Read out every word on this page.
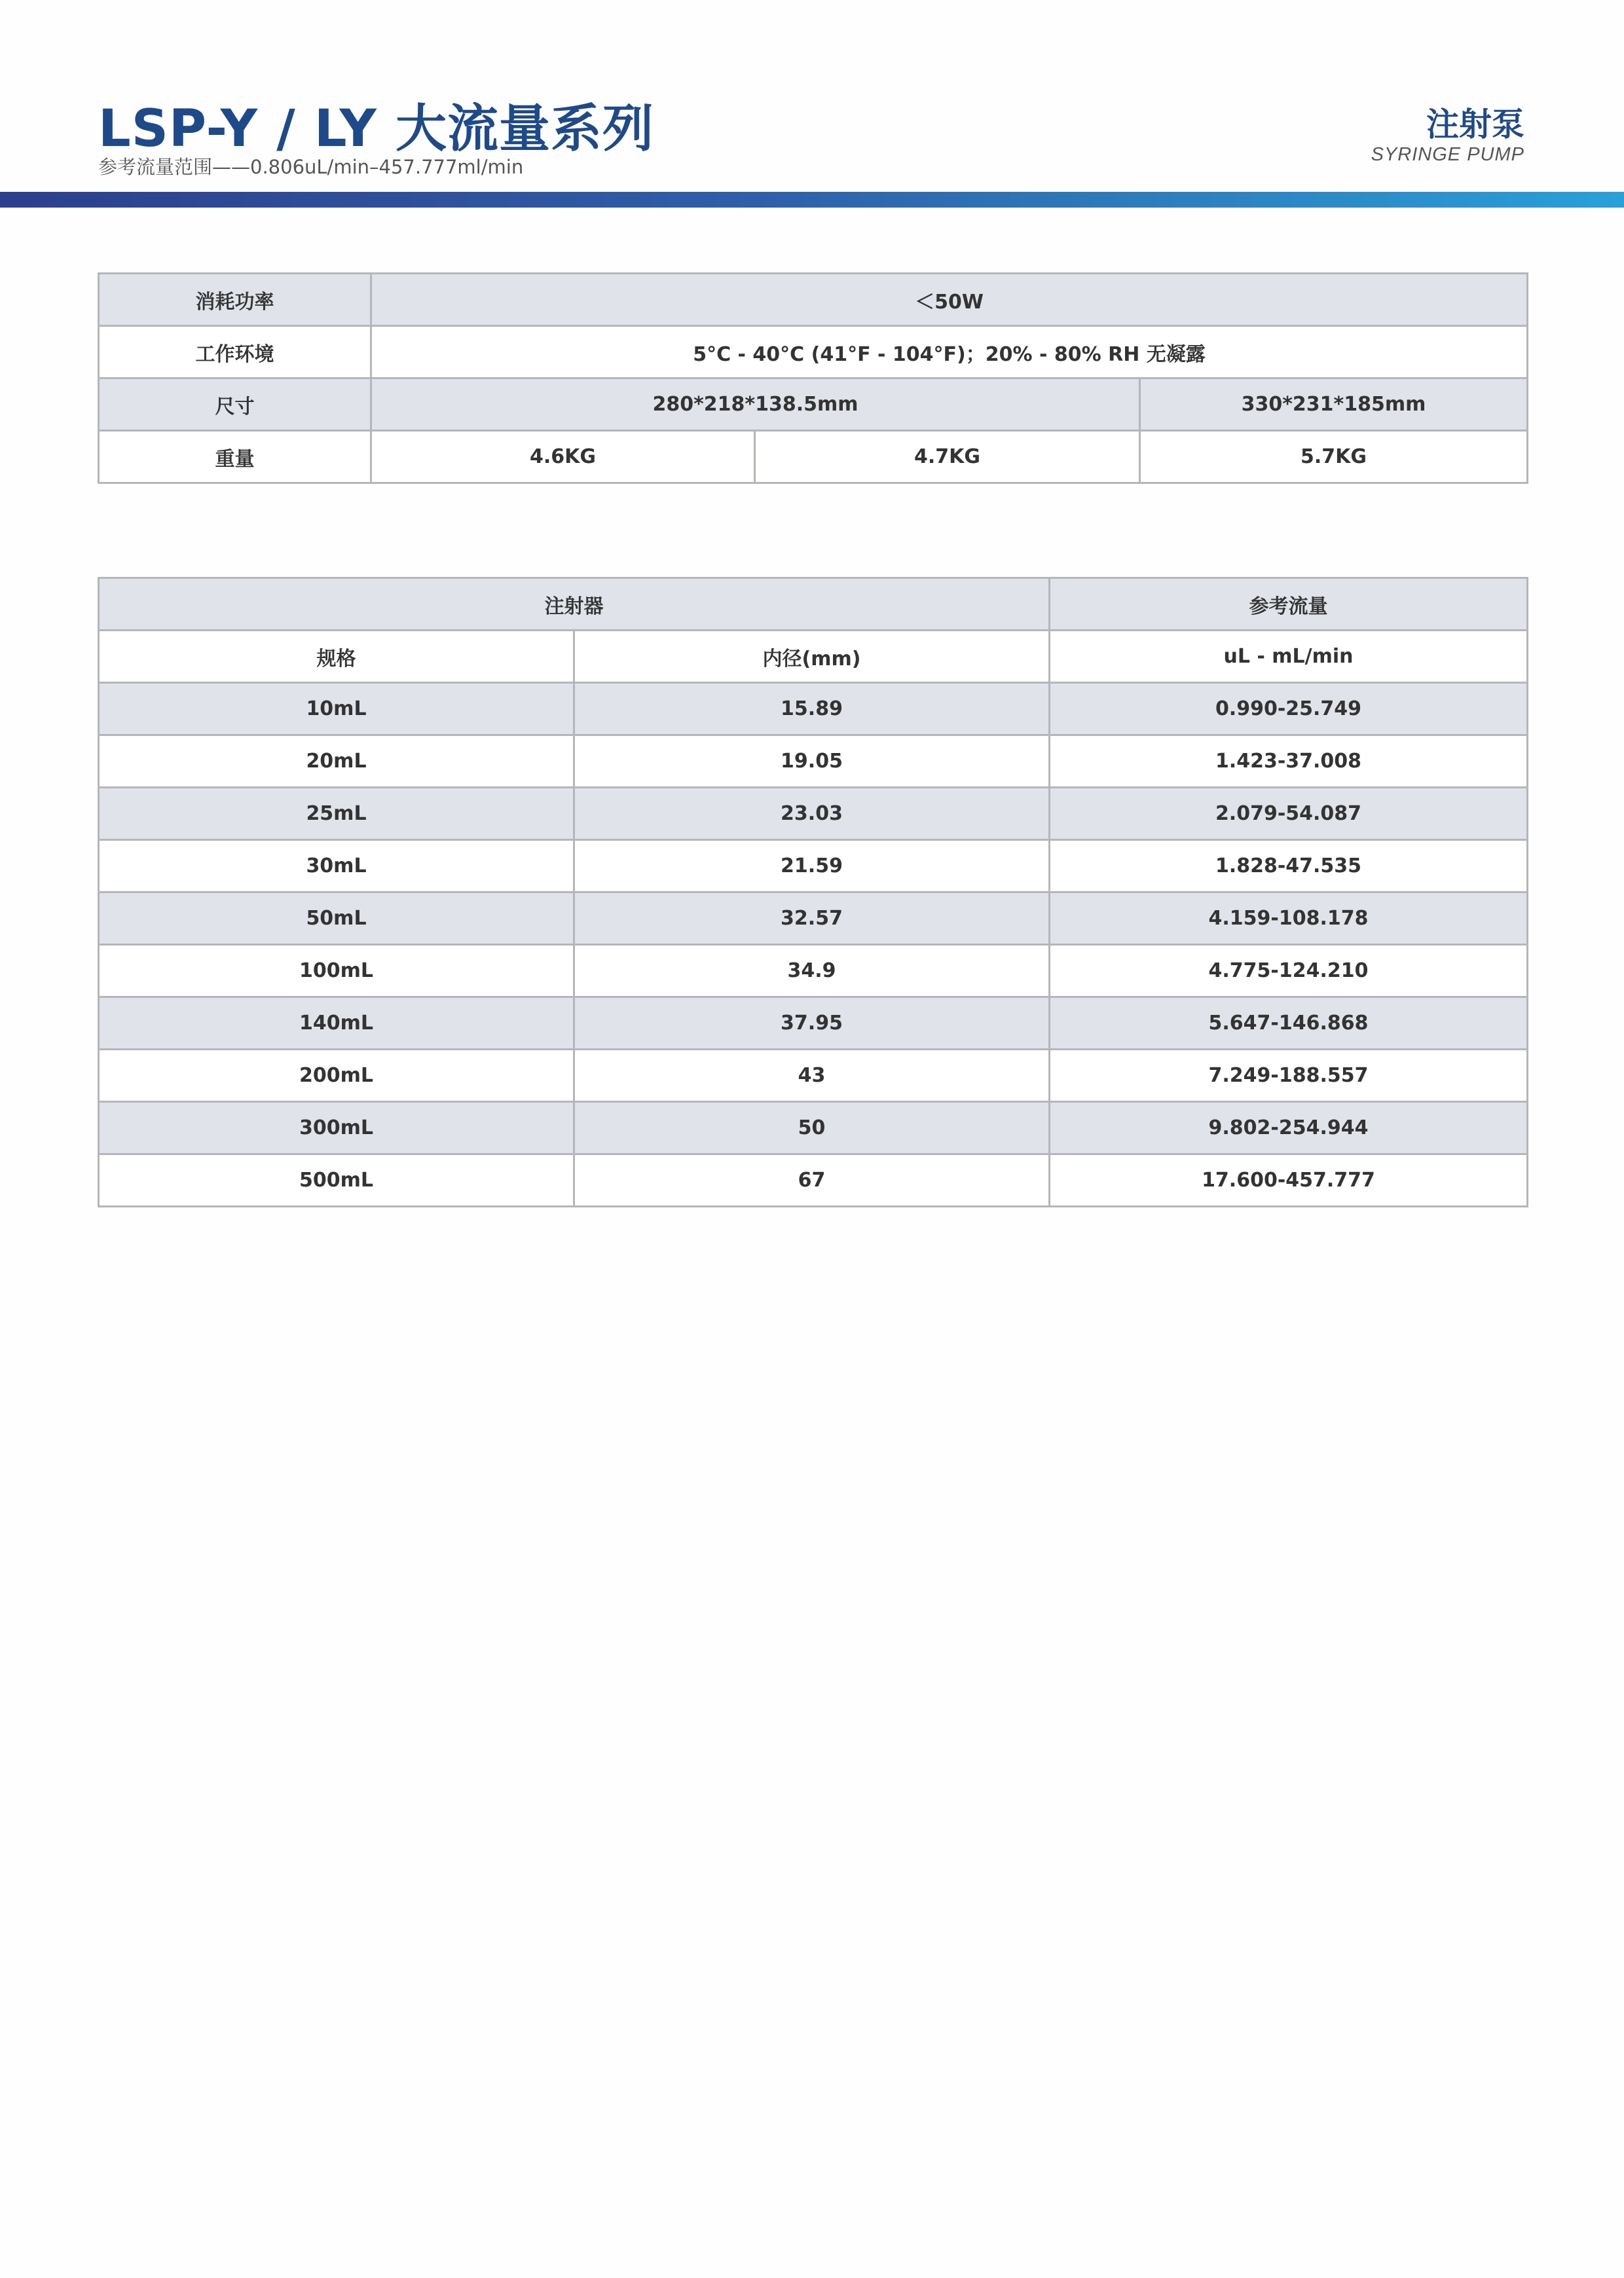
LSP-Y / LY 大流量系列
参考流量范围——0.806uL/min–457.777ml/min
注射泵
SYRINGE PUMP
消耗功率	＜50W		
工作环境	5°C - 40°C (41°F - 104°F)；20% - 80% RH 无凝露		
尺寸	280*218*138.5mm		330*231*185mm
重量	4.6KG	4.7KG	5.7KG
注射器		参考流量
规格	内径(mm)	uL - mL/min
10mL	15.89	0.990-25.749
20mL	19.05	1.423-37.008
25mL	23.03	2.079-54.087
30mL	21.59	1.828-47.535
50mL	32.57	4.159-108.178
100mL	34.9	4.775-124.210
140mL	37.95	5.647-146.868
200mL	43	7.249-188.557
300mL	50	9.802-254.944
500mL	67	17.600-457.777
